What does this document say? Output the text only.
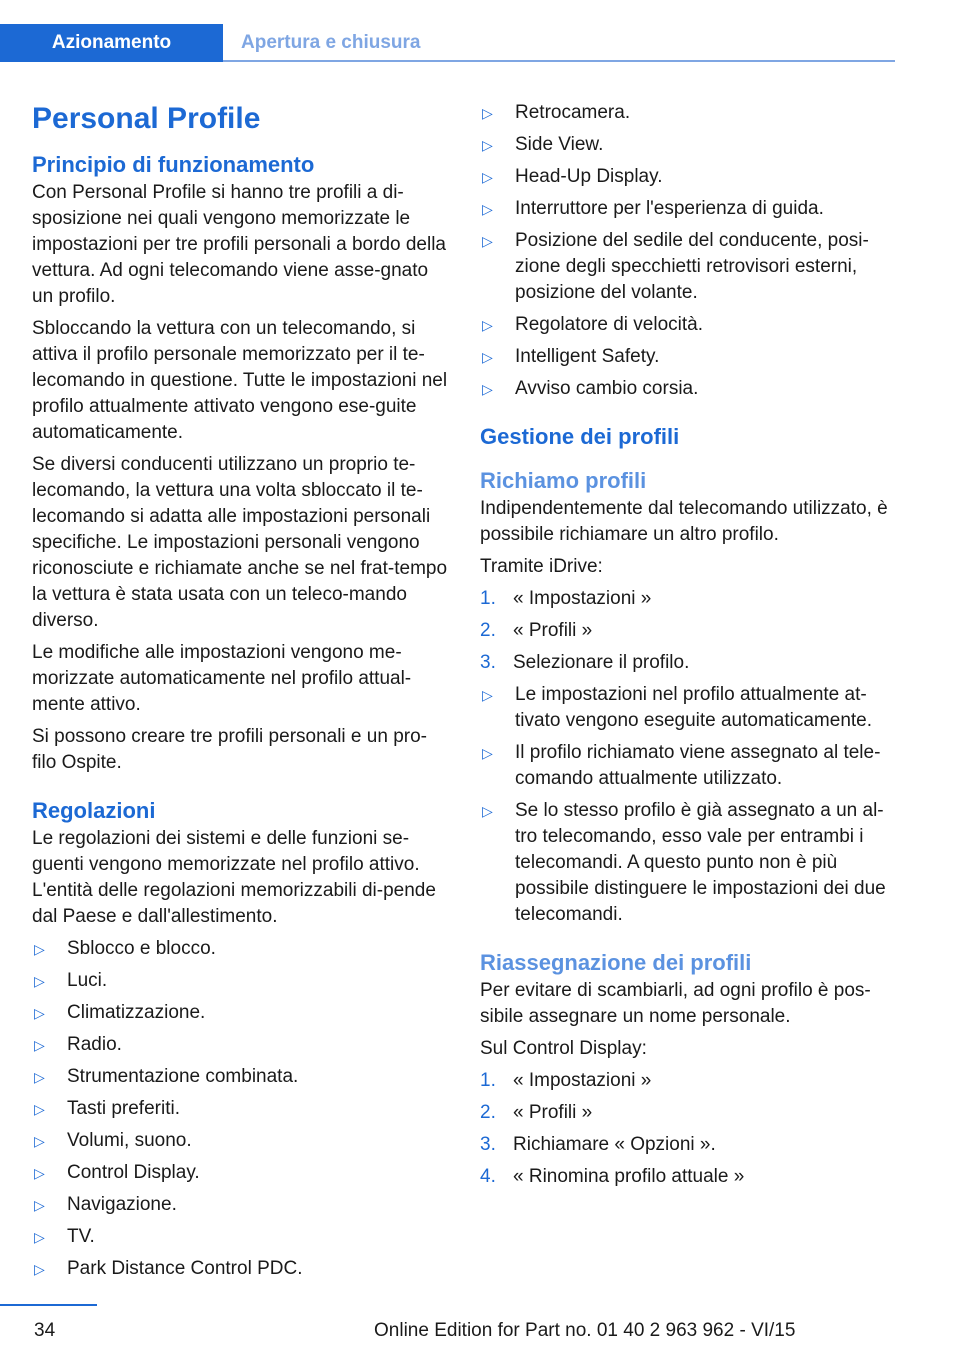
Azionamento	Apertura e chiusura
Personal Profile
Principio di funzionamento

Con Personal Profile si hanno tre profili a di-sposizione nei quali vengono memorizzate le impostazioni per tre profili personali a bordo della vettura. Ad ogni telecomando viene asse-gnato un profilo.

Sbloccando la vettura con un telecomando, si attiva il profilo personale memorizzato per il te-lecomando in questione. Tutte le impostazioni nel profilo attualmente attivato vengono ese-guite automaticamente.

Se diversi conducenti utilizzano un proprio te-lecomando, la vettura una volta sbloccato il te-lecomando si adatta alle impostazioni personali specifiche. Le impostazioni personali vengono riconosciute e richiamate anche se nel frat-tempo la vettura è stata usata con un teleco-mando diverso.

Le modifiche alle impostazioni vengono me-morizzate automaticamente nel profilo attual-mente attivo.

Si possono creare tre profili personali e un pro-filo Ospite.

Regolazioni

Le regolazioni dei sistemi e delle funzioni se-guenti vengono memorizzate nel profilo attivo. L'entità delle regolazioni memorizzabili di-pende dal Paese e dall'allestimento.

▷	Sblocco e blocco.
▷	Luci.
▷	Climatizzazione.
▷	Radio.
▷	Strumentazione combinata.
▷	Tasti preferiti.
▷	Volumi, suono.
▷	Control Display.
▷	Navigazione.
▷	TV.
▷	Park Distance Control PDC.
▷	Retrocamera.
▷	Side View.
▷	Head-Up Display.
▷	Interruttore per l'esperienza di guida.
▷	Posizione del sedile del conducente, posi-zione degli specchietti retrovisori esterni, posizione del volante.
▷	Regolatore di velocità.
▷	Intelligent Safety.
▷	Avviso cambio corsia.
Gestione dei profili
Richiamo profili

Indipendentemente dal telecomando utilizzato, è possibile richiamare un altro profilo.

Tramite iDrive:

1. « Impostazioni »
2. « Profili »
3. Selezionare il profilo.
▷	Le impostazioni nel profilo attualmente at-tivato vengono eseguite automaticamente.
▷	Il profilo richiamato viene assegnato al tele-comando attualmente utilizzato.
▷	Se lo stesso profilo è già assegnato a un al-tro telecomando, esso vale per entrambi i telecomandi. A questo punto non è più possibile distinguere le impostazioni dei due telecomandi.
Riassegnazione dei profili

Per evitare di scambiarli, ad ogni profilo è pos-sibile assegnare un nome personale.

Sul Control Display:

1. « Impostazioni »
2. « Profili »
3. Richiamare « Opzioni ».
4. « Rinomina profilo attuale »
34	Online Edition for Part no. 01 40 2 963 962 - VI/15
